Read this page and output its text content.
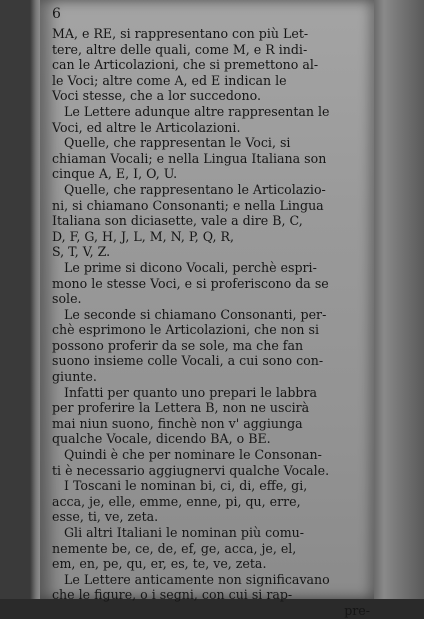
6
MA, e RE, si rappresentano con più Let-
tere, altre delle quali, come M, e R indi-
can le Articolazioni, che si premettono al-
le Voci; altre come A, ed E indican le
Voci stesse, che a lor succedono.
Le Lettere adunque altre rappresentan le
Voci, ed altre le Articolazioni.
Quelle, che rappresentan le Voci, si
chiaman Vocali; e nella Lingua Italiana son
cinque A, E, I, O, U.
Quelle, che rappresentano le Articolazio-
ni, si chiamano Consonanti; e nella Lingua
Italiana son diciasette, vale a dire B, C,
D, F, G, H, J, L, M, N, P, Q, R,
S, T, V, Z.
Le prime si dicono Vocali, perchè espri-
mono le stesse Voci, e si proferiscono da se
sole.
Le seconde si chiamano Consonanti, per-
chè esprimono le Articolazioni, che non si
possono proferir da se sole, ma che fan
suono insieme colle Vocali, a cui sono con-
giunte.
Infatti per quanto uno prepari le labbra
per proferire la Lettera B, non ne uscirà
mai niun suono, finchè non v' aggiunga
qualche Vocale, dicendo BA, o BE.
Quindi è che per nominare le Consonan-
ti è necessario aggiugnervi qualche Vocale.
I Toscani le nominan bi, ci, di, effe, gi,
acca, je, elle, emme, enne, pi, qu, erre,
esse, ti, ve, zeta.
Gli altri Italiani le nominan più comu-
nemente be, ce, de, ef, ge, acca, je, el,
em, en, pe, qu, er, es, te, ve, zeta.
Le Lettere anticamente non significavano
che le figure, o i segni, con cui si rap-
pre-
